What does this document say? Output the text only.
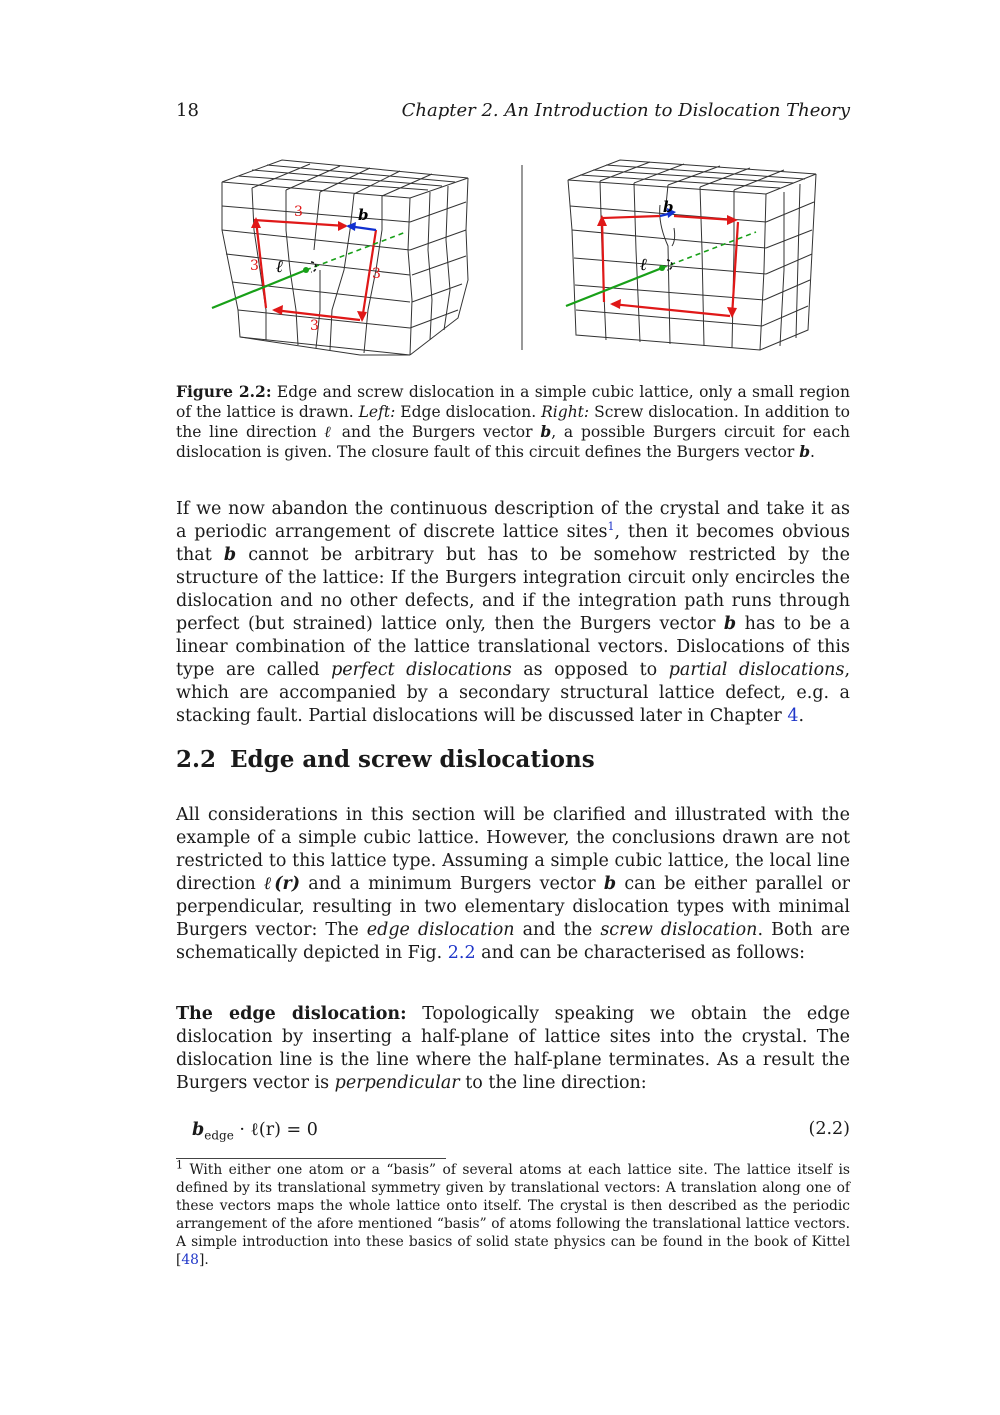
18	Chapter 2. An Introduction to Dislocation Theory
3
3	3
3
b
ℓ
b
ℓ
Figure 2.2: Edge and screw dislocation in a simple cubic lattice, only a small region of the lattice is drawn. Left: Edge dislocation. Right: Screw dislocation. In addition to the line direction ℓ and the Burgers vector b, a possible Burgers circuit for each dislocation is given. The closure fault of this circuit defines the Burgers vector b.
If we now abandon the continuous description of the crystal and take it as a periodic arrangement of discrete lattice sites$^1$, then it becomes obvious that b cannot be arbitrary but has to be somehow restricted by the structure of the lattice: If the Burgers integration circuit only encircles the dislocation and no other defects, and if the integration path runs through perfect (but strained) lattice only, then the Burgers vector b has to be a linear combination of the lattice translational vectors. Dislocations of this type are called perfect dislocations as opposed to partial dislocations, which are accompanied by a secondary structural lattice defect, e.g. a stacking fault. Partial dislocations will be discussed later in Chapter 4.
2.2 Edge and screw dislocations
All considerations in this section will be clarified and illustrated with the example of a simple cubic lattice. However, the conclusions drawn are not restricted to this lattice type. Assuming a simple cubic lattice, the local line direction ℓ(r) and a minimum Burgers vector b can be either parallel or perpendicular, resulting in two elementary dislocation types with minimal Burgers vector: The edge dislocation and the screw dislocation. Both are schematically depicted in Fig. 2.2 and can be characterised as follows:
The edge dislocation: Topologically speaking we obtain the edge dislocation by inserting a half-plane of lattice sites into the crystal. The dislocation line is the line where the half-plane terminates. As a result the Burgers vector is perpendicular to the line direction:
$b_{edge}$ · ℓ(r) = 0	(2.2)
$^1$ With either one atom or a “basis” of several atoms at each lattice site. The lattice itself is defined by its translational symmetry given by translational vectors: A translation along one of these vectors maps the whole lattice onto itself. The crystal is then described as the periodic arrangement of the afore mentioned “basis” of atoms following the translational lattice vectors. A simple introduction into these basics of solid state physics can be found in the book of Kittel [48].
